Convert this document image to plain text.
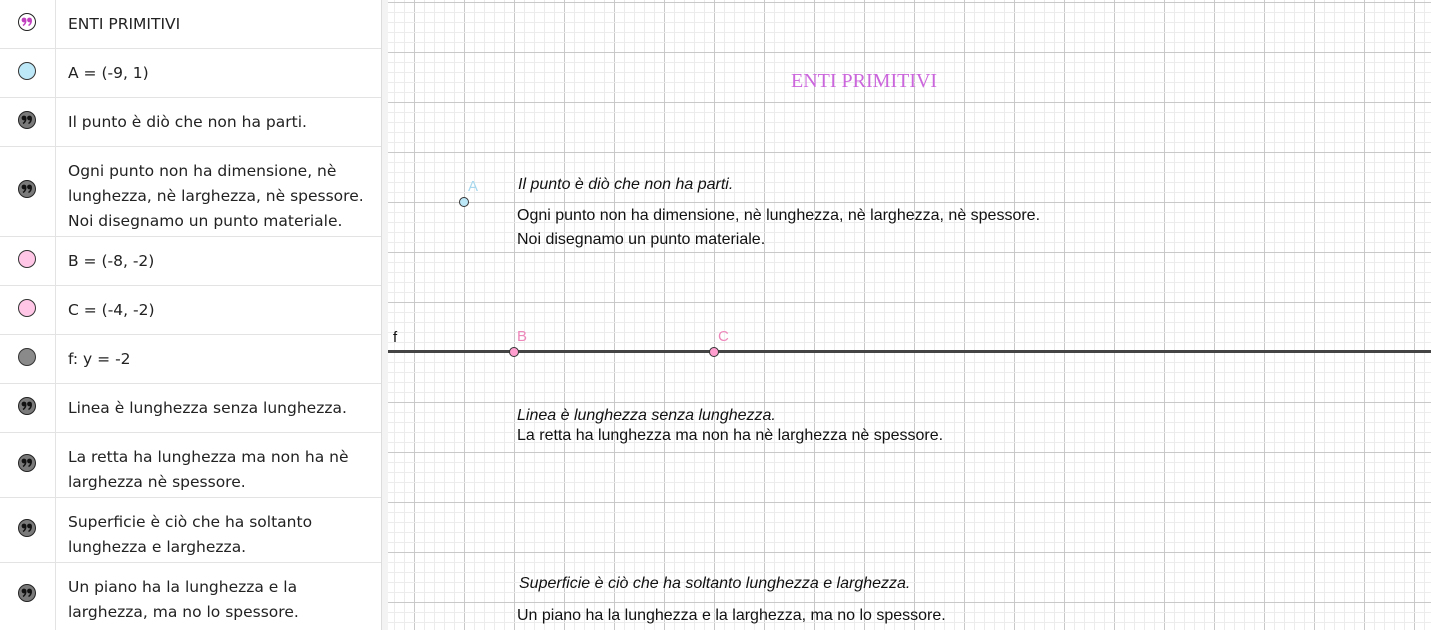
ENTI PRIMITIVI
A = (-9, 1)
Il punto è diò che non ha parti.
Ogni punto non ha dimensione, nè lunghezza, nè larghezza, nè spessore. Noi disegnamo un punto materiale.
B = (-8, -2)
C = (-4, -2)
f: y = -2
Linea è lunghezza senza lunghezza.
La retta ha lunghezza ma non ha nè larghezza nè spessore.
Superficie è ciò che ha soltanto lunghezza e larghezza.
Un piano ha la lunghezza e la larghezza, ma no lo spessore.
f
A
B	C
ENTI PRIMITIVI
Il punto è diò che non ha parti.
Ogni punto non ha dimensione, nè lunghezza, nè larghezza, nè spessore.
Noi disegnamo un punto materiale.
Linea è lunghezza senza lunghezza.
La retta ha lunghezza ma non ha nè larghezza nè spessore.
Superficie è ciò che ha soltanto lunghezza e larghezza.
Un piano ha la lunghezza e la larghezza, ma no lo spessore.
